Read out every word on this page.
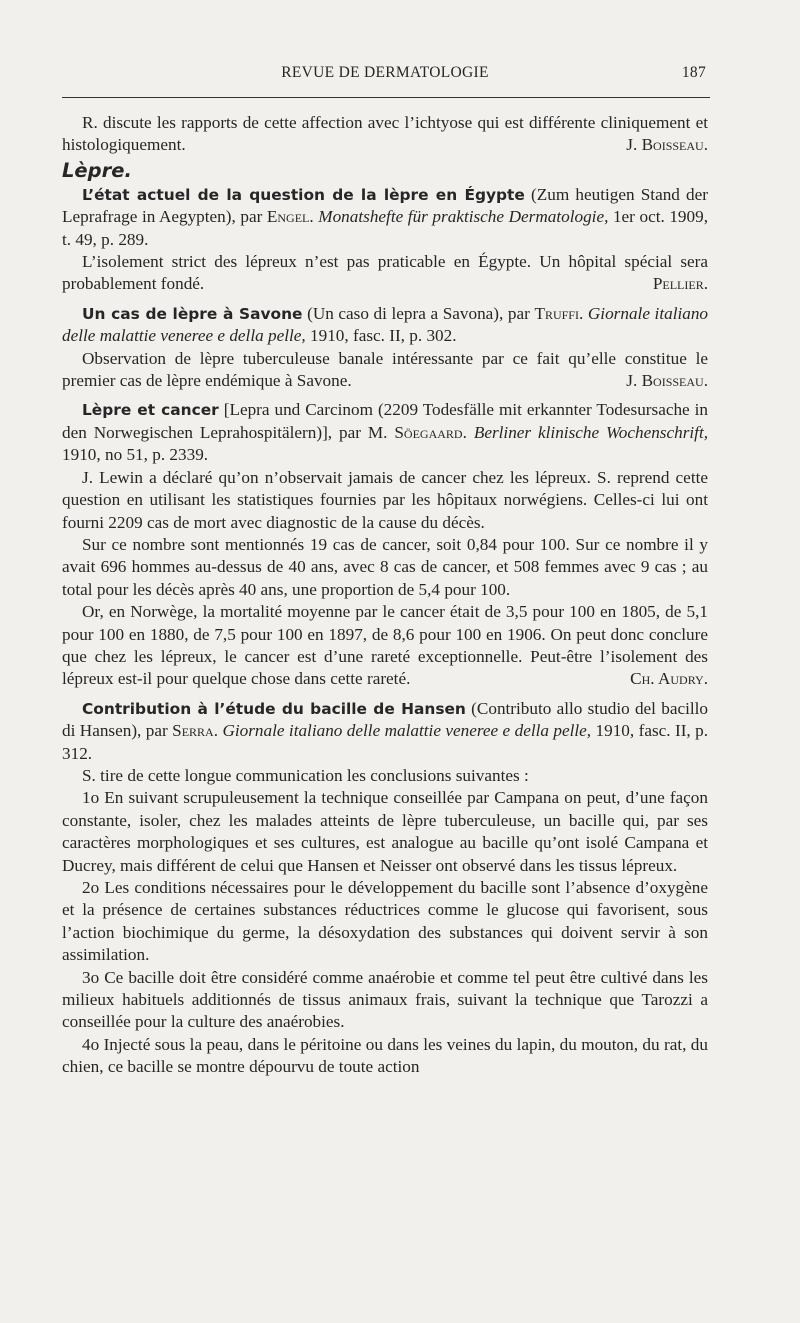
REVUE DE DERMATOLOGIE	187

R. discute les rapports de cette affection avec l’ichtyose qui est différente cliniquement et histologiquement.	J. Boisseau.

Lèpre.

L’état actuel de la question de la lèpre en Égypte (Zum heutigen Stand der Leprafrage in Aegypten), par Engel. Monatshefte für praktische Dermatologie, 1er oct. 1909, t. 49, p. 289.

L’isolement strict des lépreux n’est pas praticable en Égypte. Un hôpital spécial sera probablement fondé.	Pellier.

Un cas de lèpre à Savone (Un caso di lepra a Savona), par Truffi. Giornale italiano delle malattie veneree e della pelle, 1910, fasc. II, p. 302.

Observation de lèpre tuberculeuse banale intéressante par ce fait qu’elle constitue le premier cas de lèpre endémique à Savone.	J. Boisseau.

Lèpre et cancer [Lepra und Carcinom (2209 Todesfälle mit erkannter Todesursache in den Norwegischen Leprahospitälern)], par M. Söegaard. Berliner klinische Wochenschrift, 1910, no 51, p. 2339.

J. Lewin a déclaré qu’on n’observait jamais de cancer chez les lépreux. S. reprend cette question en utilisant les statistiques fournies par les hôpitaux norwégiens. Celles-ci lui ont fourni 2209 cas de mort avec diagnostic de la cause du décès.

Sur ce nombre sont mentionnés 19 cas de cancer, soit 0,84 pour 100. Sur ce nombre il y avait 696 hommes au-dessus de 40 ans, avec 8 cas de cancer, et 508 femmes avec 9 cas ; au total pour les décès après 40 ans, une proportion de 5,4 pour 100.

Or, en Norwège, la mortalité moyenne par le cancer était de 3,5 pour 100 en 1805, de 5,1 pour 100 en 1880, de 7,5 pour 100 en 1897, de 8,6 pour 100 en 1906. On peut donc conclure que chez les lépreux, le cancer est d’une rareté exceptionnelle. Peut-être l’isolement des lépreux est-il pour quelque chose dans cette rareté.	Ch. Audry.

Contribution à l’étude du bacille de Hansen (Contributo allo studio del bacillo di Hansen), par Serra. Giornale italiano delle malattie veneree e della pelle, 1910, fasc. II, p. 312.

S. tire de cette longue communication les conclusions suivantes :

1o En suivant scrupuleusement la technique conseillée par Campana on peut, d’une façon constante, isoler, chez les malades atteints de lèpre tuberculeuse, un bacille qui, par ses caractères morphologiques et ses cultures, est analogue au bacille qu’ont isolé Campana et Ducrey, mais différent de celui que Hansen et Neisser ont observé dans les tissus lépreux.

2o Les conditions nécessaires pour le développement du bacille sont l’absence d’oxygène et la présence de certaines substances réductrices comme le glucose qui favorisent, sous l’action biochimique du germe, la désoxydation des substances qui doivent servir à son assimilation.

3o Ce bacille doit être considéré comme anaérobie et comme tel peut être cultivé dans les milieux habituels additionnés de tissus animaux frais, suivant la technique que Tarozzi a conseillée pour la culture des anaérobies.

4o Injecté sous la peau, dans le péritoine ou dans les veines du lapin, du mouton, du rat, du chien, ce bacille se montre dépourvu de toute action
